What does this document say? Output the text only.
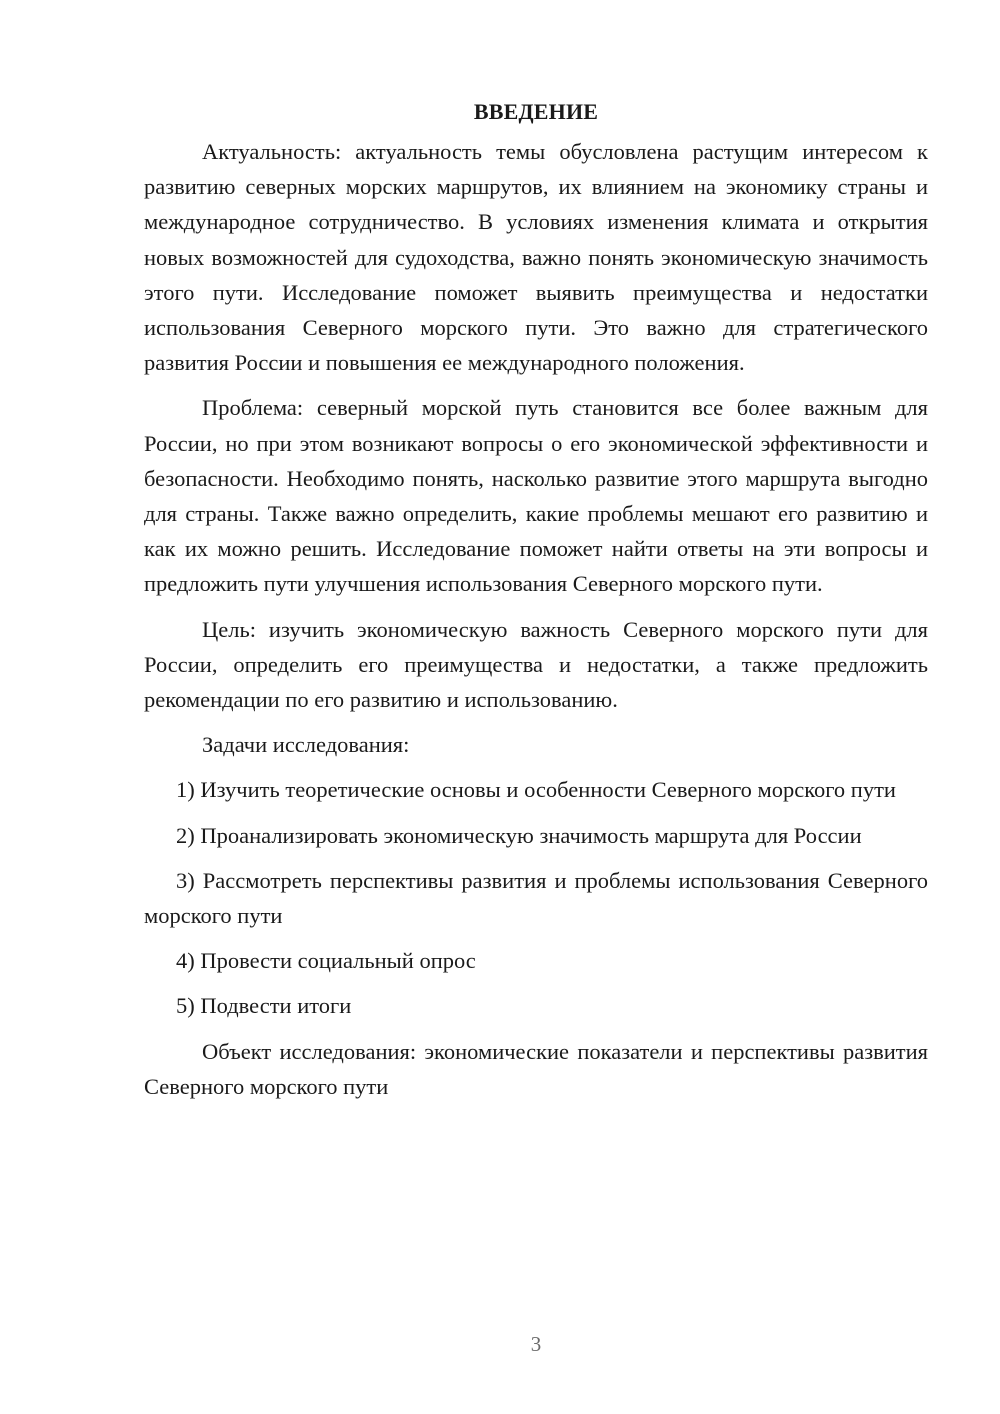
ВВЕДЕНИЕ

Актуальность: актуальность темы обусловлена растущим интересом к развитию северных морских маршрутов, их влиянием на экономику страны и международное сотрудничество. В условиях изменения климата и открытия новых возможностей для судоходства, важно понять экономическую значимость этого пути. Исследование поможет выявить преимущества и недостатки использования Северного морского пути. Это важно для стратегического развития России и повышения ее международного положения.

Проблема: северный морской путь становится все более важным для России, но при этом возникают вопросы о его экономической эффективности и безопасности. Необходимо понять, насколько развитие этого маршрута выгодно для страны. Также важно определить, какие проблемы мешают его развитию и как их можно решить. Исследование поможет найти ответы на эти вопросы и предложить пути улучшения использования Северного морского пути.

Цель: изучить экономическую важность Северного морского пути для России, определить его преимущества и недостатки, а также предложить рекомендации по его развитию и использованию.

Задачи исследования:

1) Изучить теоретические основы и особенности Северного морского пути

2) Проанализировать экономическую значимость маршрута для России

3) Рассмотреть перспективы развития и проблемы использования Северного морского пути

4) Провести социальный опрос

5) Подвести итоги

Объект исследования: экономические показатели и перспективы развития Северного морского пути

3
